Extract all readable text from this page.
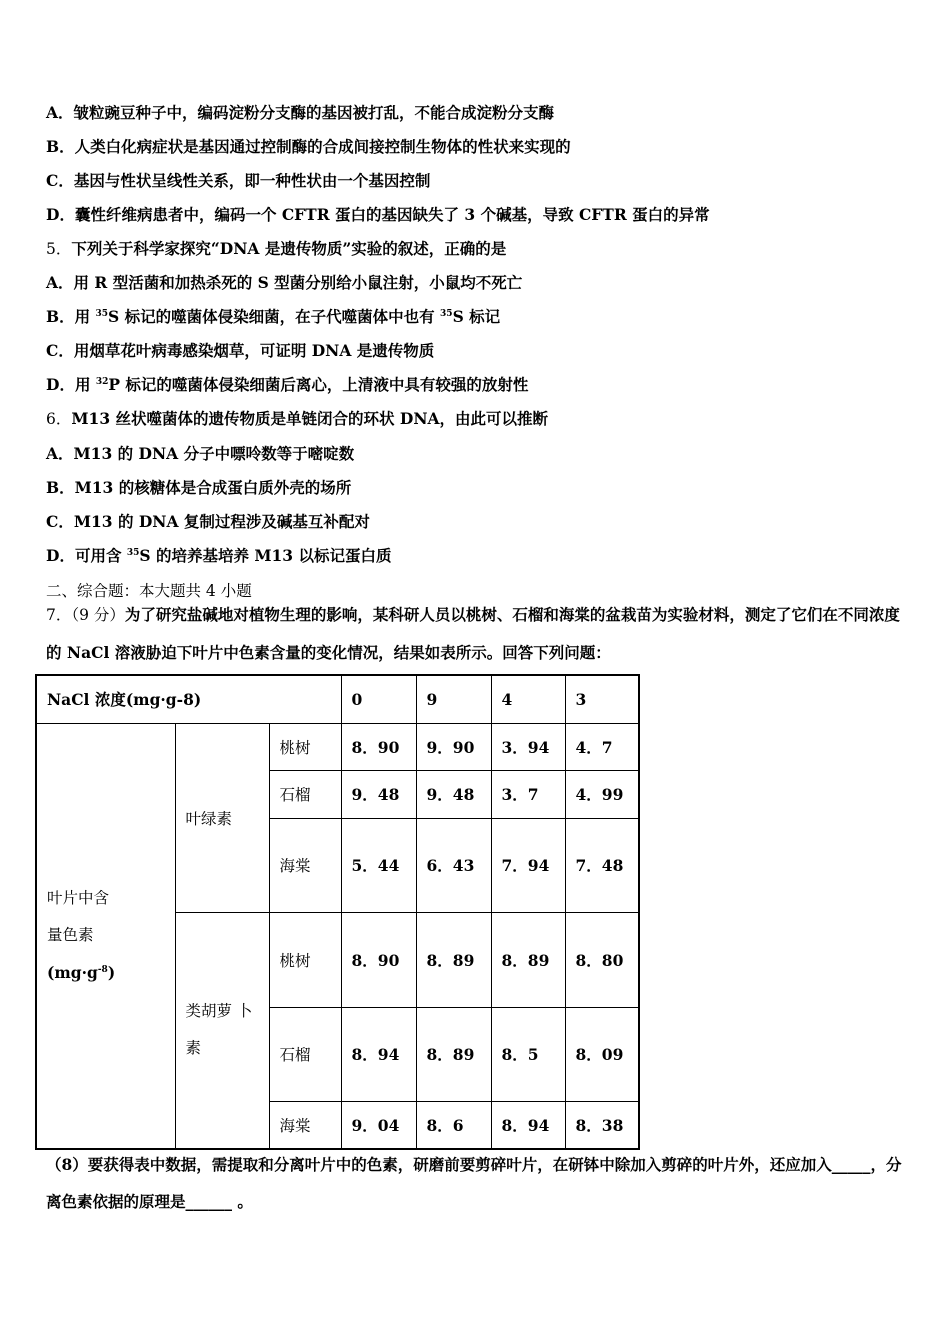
A．皱粒豌豆种子中，编码淀粉分支酶的基因被打乱，不能合成淀粉分支酶
B．人类白化病症状是基因通过控制酶的合成间接控制生物体的性状来实现的
C．基因与性状呈线性关系，即一种性状由一个基因控制
D．囊性纤维病患者中，编码一个 CFTR 蛋白的基因缺失了 3 个碱基，导致 CFTR 蛋白的异常
5．下列关于科学家探究“DNA 是遗传物质”实验的叙述，正确的是
A．用 R 型活菌和加热杀死的 S 型菌分别给小鼠注射，小鼠均不死亡
B．用 $^{35}$S 标记的噬菌体侵染细菌，在子代噬菌体中也有 $^{35}$S 标记
C．用烟草花叶病毒感染烟草，可证明 DNA 是遗传物质
D．用 $^{32}$P 标记的噬菌体侵染细菌后离心，上清液中具有较强的放射性
6．M13 丝状噬菌体的遗传物质是单链闭合的环状 DNA，由此可以推断
A．M13 的 DNA 分子中嘌呤数等于嘧啶数
B．M13 的核糖体是合成蛋白质外壳的场所
C．M13 的 DNA 复制过程涉及碱基互补配对
D．可用含 $^{35}$S 的培养基培养 M13 以标记蛋白质
二、综合题：本大题共 4 小题
7．（9 分）为了研究盐碱地对植物生理的影响，某科研人员以桃树、石榴和海棠的盆栽苗为实验材料，测定了它们在不同浓度的 NaCl 溶液胁迫下叶片中色素含量的变化情况，结果如表所示。回答下列问题：
NaCl 浓度(mg·g-8)			0	9	4	3

叶片中含
量色素
$(mg\cdot g^{-8})$	叶绿素	桃树	8．90	9．90	3．94	4．7
		石榴	9．48	9．48	3．7	4．99
		海棠	5．44	6．43	7．94	7．48

	类胡萝 卜
素	桃树	8．90	8．89	8．89	8．80
		石榴	8．94	8．89	8．5	8．09
		海棠	9．04	8．6	8．94	8．38
（8）要获得表中数据，需提取和分离叶片中的色素，研磨前要剪碎叶片，在研钵中除加入剪碎的叶片外，还应加入_____，分离色素依据的原理是______ 。
